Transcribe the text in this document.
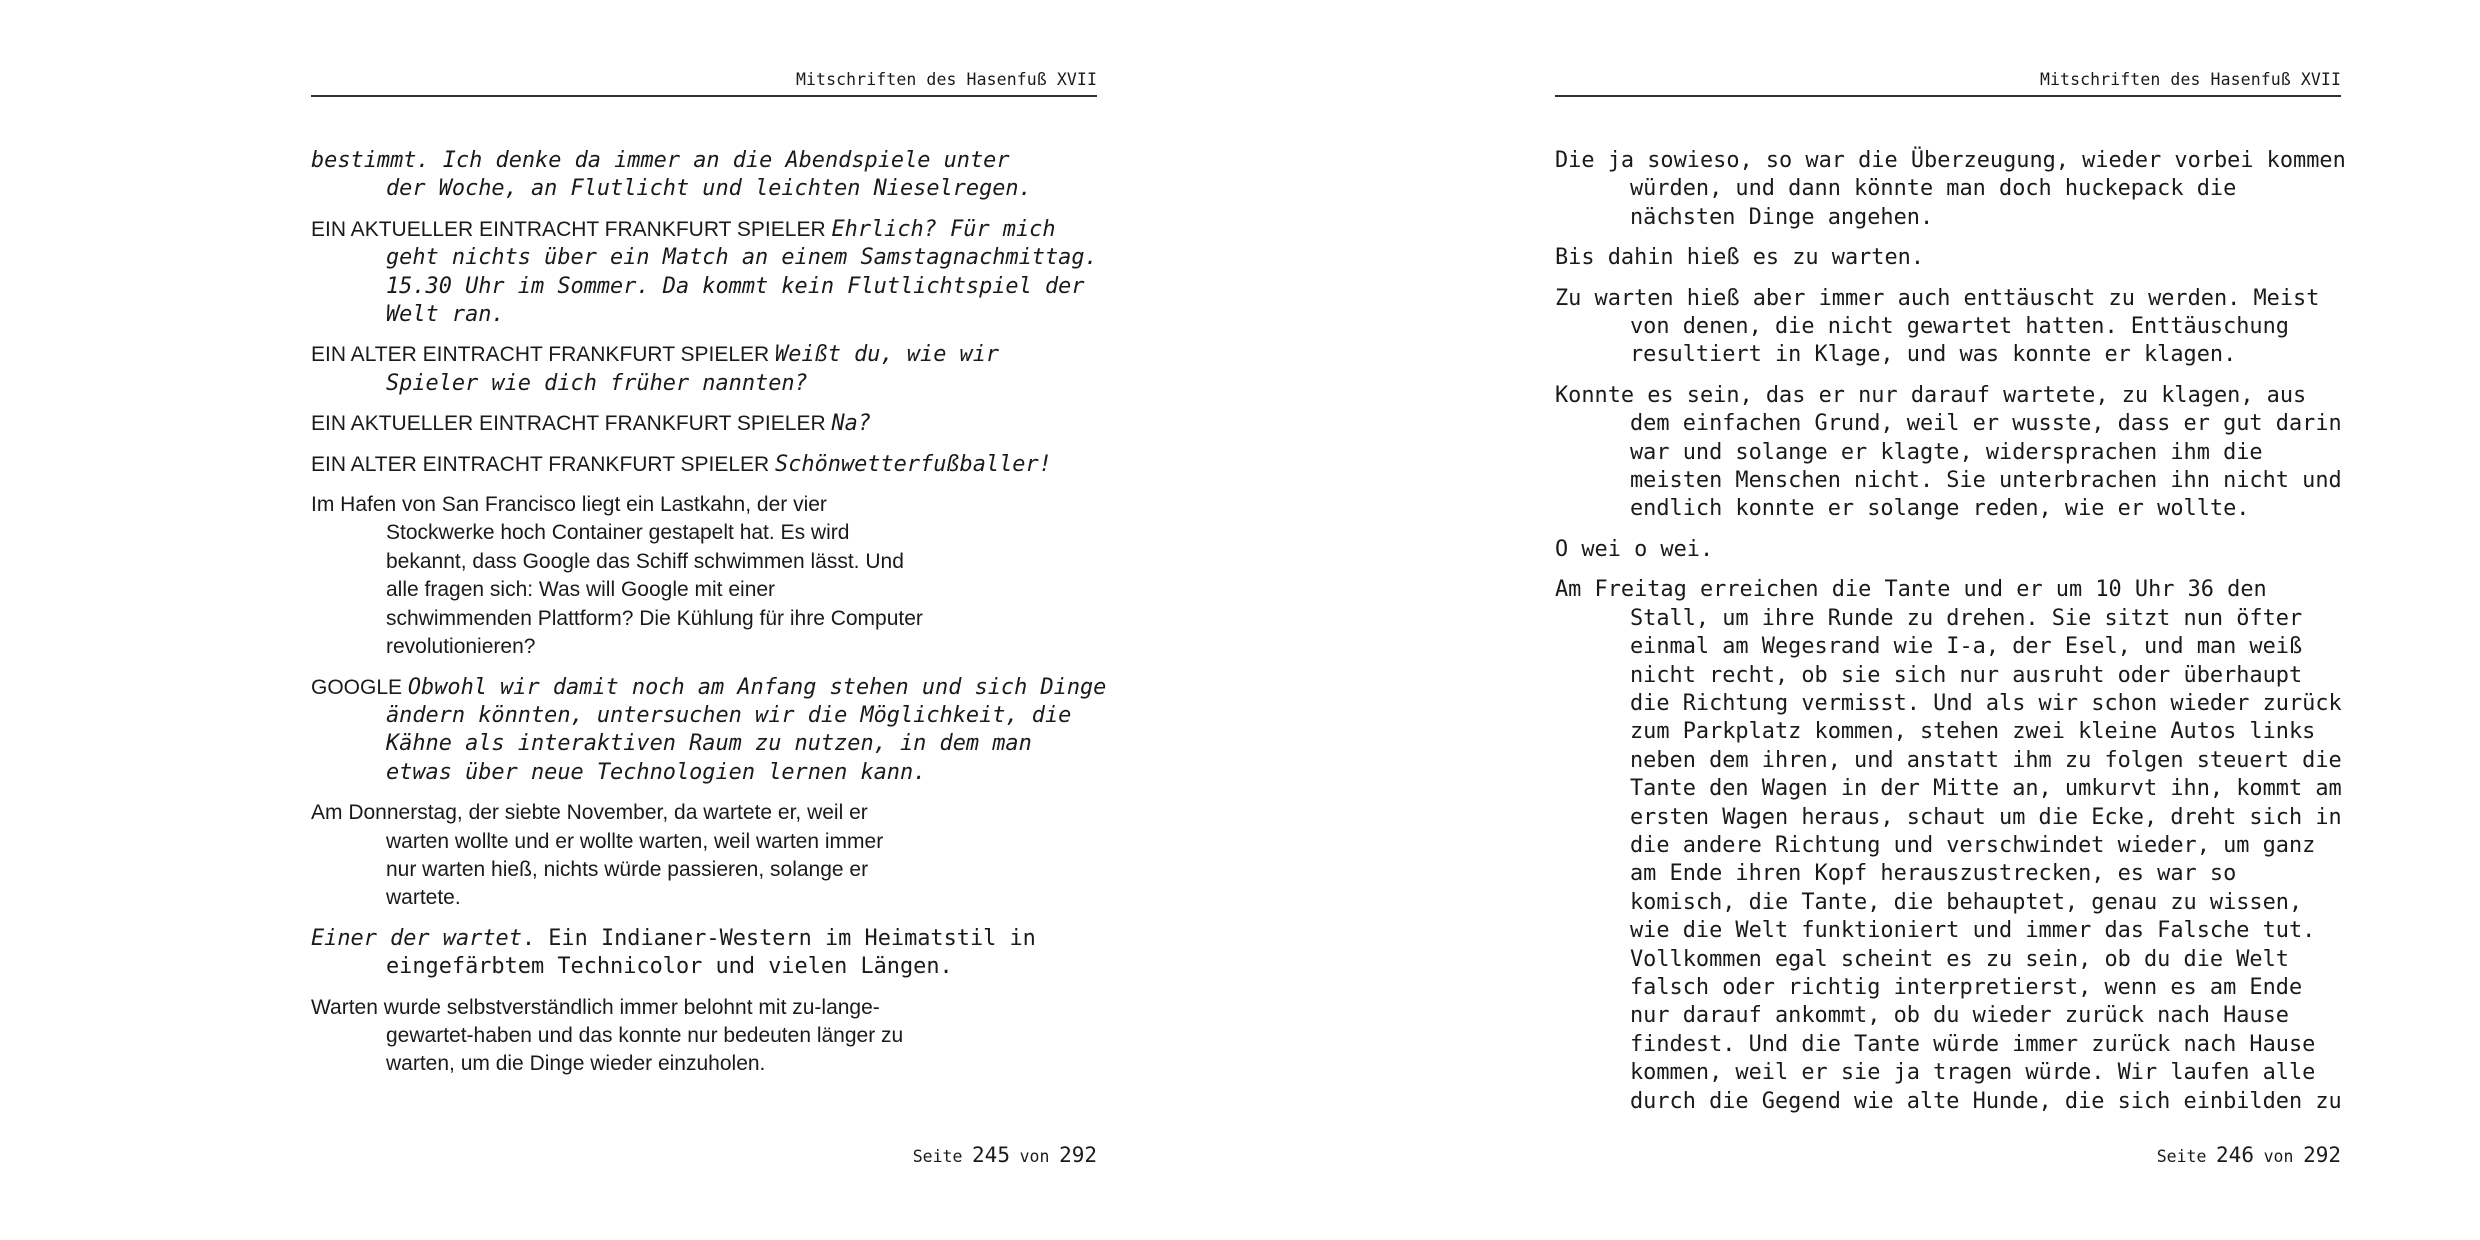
Mitschriften des Hasenfuß XVII

bestimmt. Ich denke da immer an die Abendspiele unter
der Woche, an Flutlicht und leichten Nieselregen.

EIN AKTUELLER EINTRACHT FRANKFURT SPIELER Ehrlich? Für mich
geht nichts über ein Match an einem Samstagnachmittag.
15.30 Uhr im Sommer. Da kommt kein Flutlichtspiel der
Welt ran.

EIN ALTER EINTRACHT FRANKFURT SPIELER Weißt du, wie wir
Spieler wie dich früher nannten?

EIN AKTUELLER EINTRACHT FRANKFURT SPIELER Na?

EIN ALTER EINTRACHT FRANKFURT SPIELER Schönwetterfußballer!

Im Hafen von San Francisco liegt ein Lastkahn, der vier
Stockwerke hoch Container gestapelt hat. Es wird
bekannt, dass Google das Schiff schwimmen lässt. Und
alle fragen sich: Was will Google mit einer
schwimmenden Plattform? Die Kühlung für ihre Computer
revolutionieren?

GOOGLE Obwohl wir damit noch am Anfang stehen und sich Dinge
ändern könnten, untersuchen wir die Möglichkeit, die
Kähne als interaktiven Raum zu nutzen, in dem man
etwas über neue Technologien lernen kann.

Am Donnerstag, der siebte November, da wartete er, weil er
warten wollte und er wollte warten, weil warten immer
nur warten hieß, nichts würde passieren, solange er
wartete.

Einer der wartet. Ein Indianer-Western im Heimatstil in
eingefärbtem Technicolor und vielen Längen.

Warten wurde selbstverständlich immer belohnt mit zu-lange-
gewartet-haben und das konnte nur bedeuten länger zu
warten, um die Dinge wieder einzuholen.

Seite 245 von 292
Mitschriften des Hasenfuß XVII

Die ja sowieso, so war die Überzeugung, wieder vorbei kommen
würden, und dann könnte man doch huckepack die
nächsten Dinge angehen.

Bis dahin hieß es zu warten.

Zu warten hieß aber immer auch enttäuscht zu werden. Meist
von denen, die nicht gewartet hatten. Enttäuschung
resultiert in Klage, und was konnte er klagen.

Konnte es sein, das er nur darauf wartete, zu klagen, aus
dem einfachen Grund, weil er wusste, dass er gut darin
war und solange er klagte, widersprachen ihm die
meisten Menschen nicht. Sie unterbrachen ihn nicht und
endlich konnte er solange reden, wie er wollte.

O wei o wei.

Am Freitag erreichen die Tante und er um 10 Uhr 36 den
Stall, um ihre Runde zu drehen. Sie sitzt nun öfter
einmal am Wegesrand wie I-a, der Esel, und man weiß
nicht recht, ob sie sich nur ausruht oder überhaupt
die Richtung vermisst. Und als wir schon wieder zurück
zum Parkplatz kommen, stehen zwei kleine Autos links
neben dem ihren, und anstatt ihm zu folgen steuert die
Tante den Wagen in der Mitte an, umkurvt ihn, kommt am
ersten Wagen heraus, schaut um die Ecke, dreht sich in
die andere Richtung und verschwindet wieder, um ganz
am Ende ihren Kopf herauszustrecken, es war so
komisch, die Tante, die behauptet, genau zu wissen,
wie die Welt funktioniert und immer das Falsche tut.
Vollkommen egal scheint es zu sein, ob du die Welt
falsch oder richtig interpretierst, wenn es am Ende
nur darauf ankommt, ob du wieder zurück nach Hause
findest. Und die Tante würde immer zurück nach Hause
kommen, weil er sie ja tragen würde. Wir laufen alle
durch die Gegend wie alte Hunde, die sich einbilden zu

Seite 246 von 292
